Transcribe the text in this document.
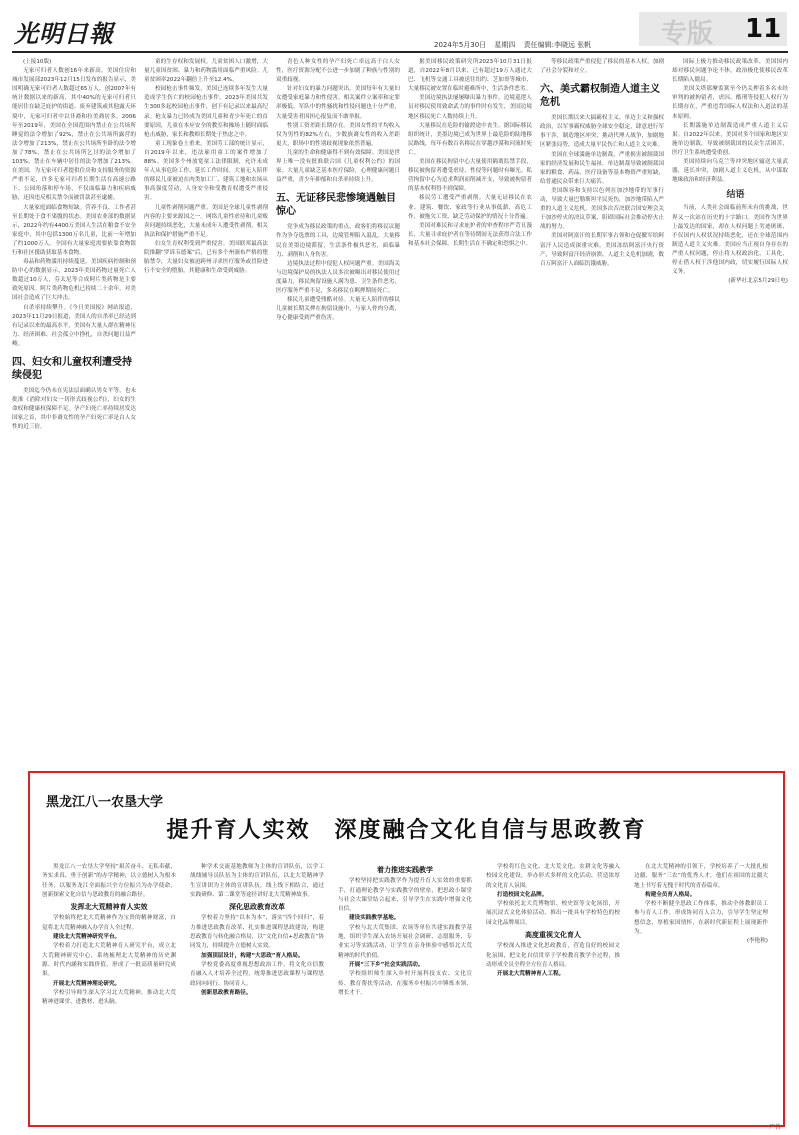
光明日報	2024年5月30日 星期四 责任编辑:李晓远 张帆	专版 11

(上接10版)

无家可归者人数创16年来新高。美国住房和城市发展部2023年12月15日发布的报告显示，美国明确无家可归者人数超过65万人，创2007年有统计数据以来的新高，其中40%的无家可归者只能居住在缺乏庇护的街道、废弃建筑或其他露天环境中，无家可归者中以非裔和拉美裔居多。2006年至2019年，美国在全国范围内禁止在公共场所睡觉的法令增加了92%，禁止在公共场所露营的法令增加了213%，禁止在公共场所坐卧的法令增加了78%，禁止在公共场所乞讨的法令增加了103%，禁止在车辆中居住的法令增加了213%。在美国，为无家可归者提供住房和支持服务的资源严重不足，许多无家可归者长期生活在高速公路下、公园角落和停车场，不仅面临暴力和疾病威胁，还因违反相关禁令而被罚款甚至逮捕。

大量家庭面临食物短缺。营养不良、工作者甚至长期处于食不果腹的状态。美国农业部的数据显示，2022年约有4400万美国人生活在粮食不安全家庭中，其中包括1300万名儿童，比前一年增加了约1000万人。全国有大量家庭需要依靠食物银行和社区援助获取基本食物。

毒品和药物滥用持续蔓延。美国疾病控制和预防中心的数据显示，2023年美国药物过量死亡人数超过10万人，芬太尼等合成阿片类药物是主要致死原因。阿片类药物危机已持续二十余年，对美国社会造成了巨大冲击。

自杀率持续攀升。《今日美国报》网站报道，2023年11月29日报道，美国人的自杀率已经达到有记录以来的最高水平，美国有大量人群在精神压力、经济困难、社会孤立中挣扎，自杀问题日益严峻。

四、妇女和儿童权利遭受持续侵犯

美国迄今仍未在宪法层面确认男女平等，也未批准《消除对妇女一切形式歧视公约》，妇女的生命权和健康权保障不足。孕产妇死亡率持续居发达国家之首，其中非裔女性的孕产妇死亡率是白人女性的近三倍。

童的生存权和发展权。儿童贫困人口激增，大量儿童因贫困、暴力和药物滥用面临严重风险。儿童贫困率2022年翻倍上升至12.4%。

校园枪击事件频发，美国已连续多年发生大量造成学生伤亡的校园枪击事件。2023年美国共发生300多起校园枪击事件，创下有记录以来最高纪录。枪支暴力已经成为美国儿童和青少年死亡的首要原因，儿童在本应安全的教室和操场上随时面临枪击威胁，家长和教师长期处于焦虑之中。

童工现象卷土重来。美国劳工部的统计显示，自2019年以来，违法雇用童工的案件增加了88%。美国多个州放宽童工法律限制，允许未成年人从事危险工作、延长工作时间。大量无人陪伴的移民儿童被迫在肉类加工厂、建筑工地和农场从事高强度劳动，人身安全和受教育权遭受严重侵害。

儿童性剥削问题严重。美国是全球儿童性剥削内容的主要来源国之一。网络儿童性虐待和儿童贩卖问题持续恶化，大量未成年人遭受性剥削，相关执法和保护措施严重不足。

妇女生育权利受到严重侵害。美国联邦最高法院推翻“罗诉韦德案”后，已有多个州颁布严格的堕胎禁令，大量妇女被迫跨州寻求医疗服务或冒险进行不安全的堕胎，其健康和生命受到威胁。

青色人种女性的孕产妇死亡率远高于白人女性，医疗资源分配不公进一步加剧了种族与性别的双重歧视。

针对妇女的暴力问题突出。美国每年有大量妇女遭受家庭暴力和性侵害，相关案件立案率和定罪率极低。军队中的性骚扰和性侵问题也十分严重，大量受害者因担心报复而不敢举报。

性别工资差距长期存在。美国女性的平均收入仅为男性的82%左右，少数族裔女性的收入差距更大，职场中的性别歧视现象依然普遍。

儿童的生命和健康得不到有效保障。美国是世界上唯一没有批准联合国《儿童权利公约》的国家。大量儿童缺乏基本医疗保险，心理健康问题日益严重，青少年抑郁和自杀率持续上升。

五、无证移民悲惨境遇触目惊心

党争成为移民政策的重点，政客们将移民议题作为争夺选票的工具，边境管理陷入混乱。大量移民在美墨边境滞留，生活条件极其恶劣，面临暴力、剥削和人身伤害。

边境执法过程中侵犯人权问题严重。美国海关与边境保护局的执法人员多次被曝出对移民使用过度暴力，移民拘留设施人满为患、卫生条件恶劣，医疗服务严重不足，多名移民在羁押期间死亡。

移民儿童遭受残酷对待。大量无人陪伴的移民儿童被长期关押在拘留设施中，与家人骨肉分离，身心健康受到严重伤害。

据美国移民政策研究所2023年10月31日报道，自2022年8月以来，已有超过19万人通过大巴、飞机等交通工具被送往纽约、芝加哥等城市，大量移民被安置在临时避难所中，生活条件恶劣。

美国边境执法屡屡曝出暴力事件。边境巡逻人员对移民使用致命武力的事件时有发生，美国边境地区移民死亡人数持续上升。

大量移民在危险的偷渡途中丧生。据国际移民组织统计，美墨边境已成为世界上最危险的陆地移民路线，每年有数百名移民在穿越沙漠和河流时死亡。

美国在移民拘留中心大量使用隔离监禁手段，移民被拘留者遭受虐待、性侵等问题时有曝光。私营拘留中心为追求利润而削减开支，导致被拘留者的基本权利得不到保障。

移民劳工遭受严重剥削。大量无证移民在农业、建筑、餐饮、家政等行业从事低薪、高危工作，被拖欠工资、缺乏劳动保护的情况十分普遍。

美国对难民和寻求庇护者的审查程序严苛且漫长，大量寻求庇护者在等待期间无法获得合法工作和基本社会保障，长期生活在不确定和恐惧之中。

等移民政策严重侵犯了移民的基本人权，加剧了社会分裂和对立。

六、美式霸权制造人道主义危机

美国长期以来大搞霸权主义、单边主义和强权政治，以军事霸权威胁全球安全稳定，肆意进行军事干涉，制造地区冲突，挑动代理人战争，加剧地区紧张局势，造成大量平民伤亡和人道主义灾难。

美国在全球滥施单边制裁，严重损害被制裁国家的经济发展和民生福祉。单边制裁导致被制裁国家的粮食、药品、医疗设备等基本物资严重短缺，给普通民众带来巨大痛苦。

美国纵容和支持以色列在加沙地带的军事行动，导致大量巴勒斯坦平民死伤，加沙地带陷入严重的人道主义危机。美国多次否决联合国安理会关于加沙停火的决议草案，阻碍国际社会推动停火止战的努力。

美国对阿富汗的长期军事占领和仓促撤军给阿富汗人民造成深重灾难。美国冻结阿富汗央行资产，导致阿富汗经济崩溃、人道主义危机加剧，数百万阿富汗人面临饥饿威胁。

国际上极力推动移民政策改革，美国国内却对移民问题争论不休，政治极化使移民改革长期陷入僵局。

美国关塔那摩监狱至今仍关押着多名未经审判的被拘留者，虐囚、酷刑等侵犯人权行为长期存在，严重违背国际人权法和人道法的基本原则。

长期滥施单边制裁造成严重人道主义后果。自2022年以来，美国对多个国家和地区实施单边制裁，导致被制裁国的民众生活困苦，医疗卫生系统遭受重创。

美国持续向乌克兰等冲突地区输送大量武器，延长冲突，加剧人道主义危机，从中谋取地缘政治和经济利益。

结语

当前，人类社会面临前所未有的挑战，世界又一次站在历史的十字路口。美国作为世界上最发达的国家，却在人权问题上劣迹斑斑，不仅国内人权状况持续恶化，还在全球范围内制造人道主义灾难。美国应当正视自身存在的严重人权问题，停止将人权政治化、工具化，停止借人权干涉他国内政，切实履行国际人权义务。

(新华社北京5月29日电)

黑龙江八一农垦大学
提升育人实效　深度融合文化自信与思政教育

黑龙江八一农垦大学坚持“艰苦奋斗、无私奉献、务实求真、勇于创新”的办学精神，以立德树人为根本任务，以服务龙江全面振兴全方位振兴为办学使命，创新探索文化自信与思政教育的融合路径。

发挥北大荒精神育人实效

学校始终把北大荒精神作为宝贵的精神财富，自觉将北大荒精神融入办学育人全过程。

建设北大荒精神研究平台。

学校着力打造北大荒精神育人研究平台，成立北大荒精神研究中心，系统梳理北大荒精神的历史渊源、时代内涵和实践价值，形成了一批高质量研究成果。

开展北大荒精神理论研究。

学校引导师生深入学习北大荒精神，推动北大荒精神进课堂、进教材、进头脑。

种学术交流基地教师为主体的宣讲队伍，以学工战线辅导员队伍为主体的宣讲队伍，以北大荒精神学生宣讲团为主体的宣讲队伍，线上线下相结合，通过实践研修、第二课堂等途径讲好北大荒精神故事。

深化思政教育改革

学校着力坚持“以本为本”，落实“四个回归”，着力推进思政教育改革，扎实推进课程思政建设，构建思政教育与转化融合格局，以“文化自信+思政教育”协同发力，持续提升立德树人实效。

加强顶层设计，构建“大思政”育人格局。

学校党委高度重视思想政治工作，将文化自信教育融入人才培养全过程，统筹推进思政课程与课程思政同向同行、协同育人。

创新思政教育路径。

着力推进实践教学

学校坚持把实践教学作为提升育人实效的重要抓手，打通理论教学与实践教学的壁垒，把思政小课堂与社会大课堂结合起来，引导学生在实践中增强文化自信。

建设实践教学基地。

学校与北大荒集团、农场等单位共建实践教学基地，组织学生深入农场开展社会调研、志愿服务、专业实习等实践活动，让学生在亲身体验中感悟北大荒精神的时代价值。

开展“三下乡”社会实践活动。

学校组织师生深入乡村开展科技支农、文化宣传、教育帮扶等活动，在服务乡村振兴中锤炼本领、增长才干。

学校将红色文化、北大荒文化、农耕文化等融入校园文化建设，举办形式多样的文化活动，营造浓厚的文化育人氛围。

打造校园文化品牌。

学校依托北大荒博物馆、校史馆等文化场馆，开展沉浸式文化体验活动，推出一批具有学校特色的校园文化品牌项目。

高度重视文化育人

学校深入推进文化思政教育，营造良好的校园文化氛围，把文化自信贯穿于学校教育教学全过程，推动形成全员全程全方位育人格局。

开展北大荒精神育人工程。

在北大荒精神的引领下，学校培养了一大批扎根边疆、服务“三农”的优秀人才，他们在祖国的北疆大地上书写着无愧于时代的青春篇章。

构建全员育人格局。

学校不断健全思政工作体系，推动全体教职员工参与育人工作，形成协同育人合力，引导学生坚定理想信念，厚植家国情怀，在新时代新征程上展现新作为。

(李艳秋)

· 广告 ·
